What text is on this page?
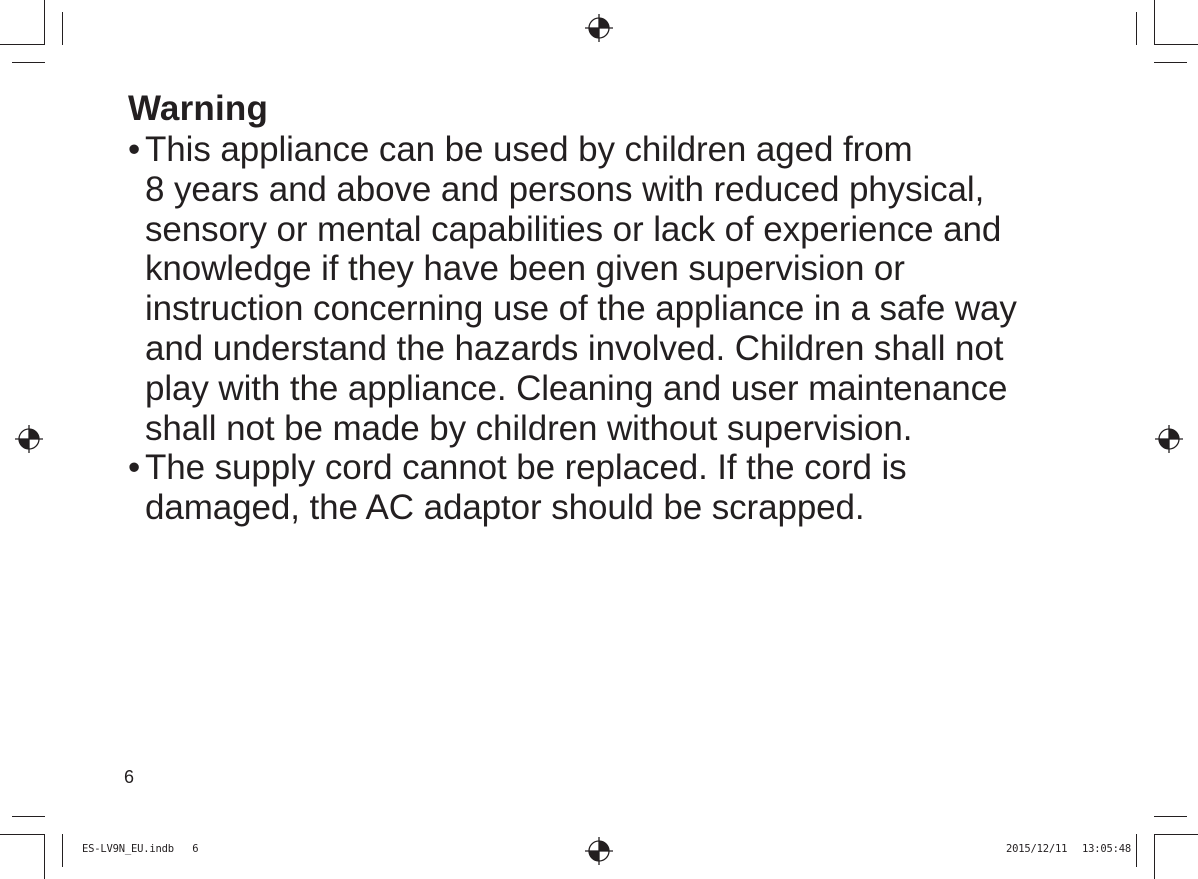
Warning
• This appliance can be used by children aged from
8 years and above and persons with reduced physical,
sensory or mental capabilities or lack of experience and
knowledge if they have been given supervision or
instruction concerning use of the appliance in a safe way
and understand the hazards involved. Children shall not
play with the appliance. Cleaning and user maintenance
shall not be made by children without supervision.
• The supply cord cannot be replaced. If the cord is
damaged, the AC adaptor should be scrapped.
6
ES-LV9N_EU.indb   6	2015/12/11 13:05:48
